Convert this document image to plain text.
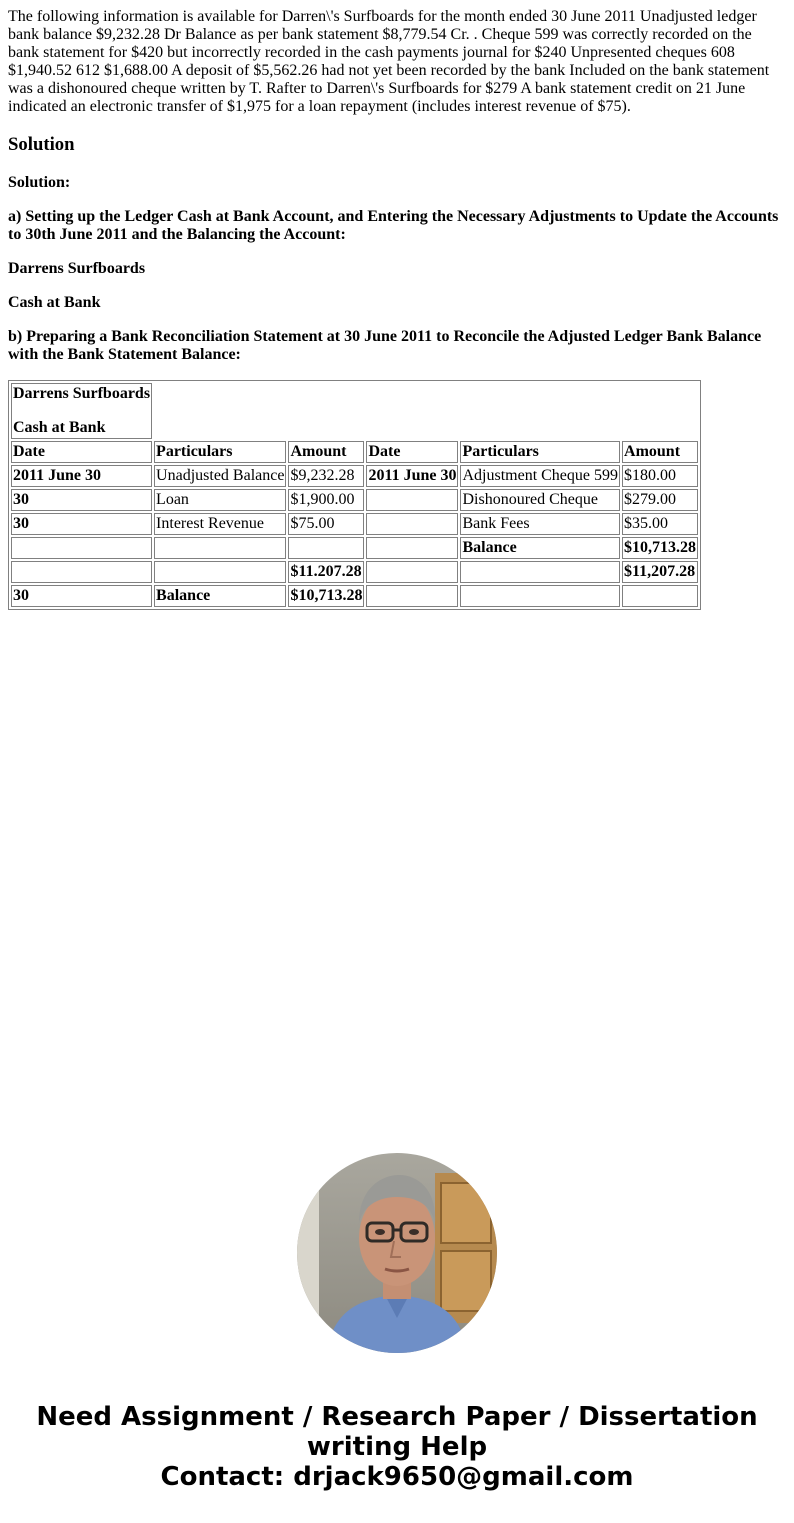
The following information is available for Darren\'s Surfboards for the month ended 30 June 2011 Unadjusted ledger bank balance $9,232.28 Dr Balance as per bank statement $8,779.54 Cr. . Cheque 599 was correctly recorded on the bank statement for $420 but incorrectly recorded in the cash payments journal for $240 Unpresented cheques 608 $1,940.52 612 $1,688.00 A deposit of $5,562.26 had not yet been recorded by the bank Included on the bank statement was a dishonoured cheque written by T. Rafter to Darren\'s Surfboards for $279 A bank statement credit on 21 June indicated an electronic transfer of $1,975 for a loan repayment (includes interest revenue of $75).

Solution

Solution:

a) Setting up the Ledger Cash at Bank Account, and Entering the Necessary Adjustments to Update the Accounts to 30th June 2011 and the Balancing the Account:

Darrens Surfboards

Cash at Bank

b) Preparing a Bank Reconciliation Statement at 30 June 2011 to Reconcile the Adjusted Ledger Bank Balance with the Bank Statement Balance:

Darrens Surfboards
Cash at Bank					

Date	Particulars	Amount	Date	Particulars	Amount
2011 June 30	Unadjusted Balance	$9,232.28	2011 June 30	Adjustment Cheque 599	$180.00
30	Loan	$1,900.00		Dishonoured Cheque	$279.00
30	Interest Revenue	$75.00		Bank Fees	$35.00
				Balance	$10,713.28
		$11.207.28			$11,207.28
30	Balance	$10,713.28			
Need Assignment / Research Paper / Dissertation
writing Help
Contact: drjack9650@gmail.com
